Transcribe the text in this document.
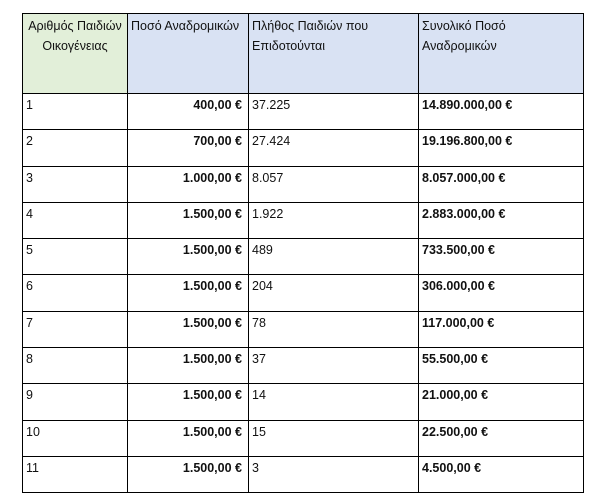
Αριθμός Παιδιών Οικογένειας	Ποσό Αναδρομικών	Πλήθος Παιδιών που Επιδοτούνται	Συνολικό Ποσό Αναδρομικών
1	400,00 €	37.225	14.890.000,00 €
2	700,00 €	27.424	19.196.800,00 €
3	1.000,00 €	8.057	8.057.000,00 €
4	1.500,00 €	1.922	2.883.000,00 €
5	1.500,00 €	489	733.500,00 €
6	1.500,00 €	204	306.000,00 €
7	1.500,00 €	78	117.000,00 €
8	1.500,00 €	37	55.500,00 €
9	1.500,00 €	14	21.000,00 €
10	1.500,00 €	15	22.500,00 €
11	1.500,00 €	3	4.500,00 €
